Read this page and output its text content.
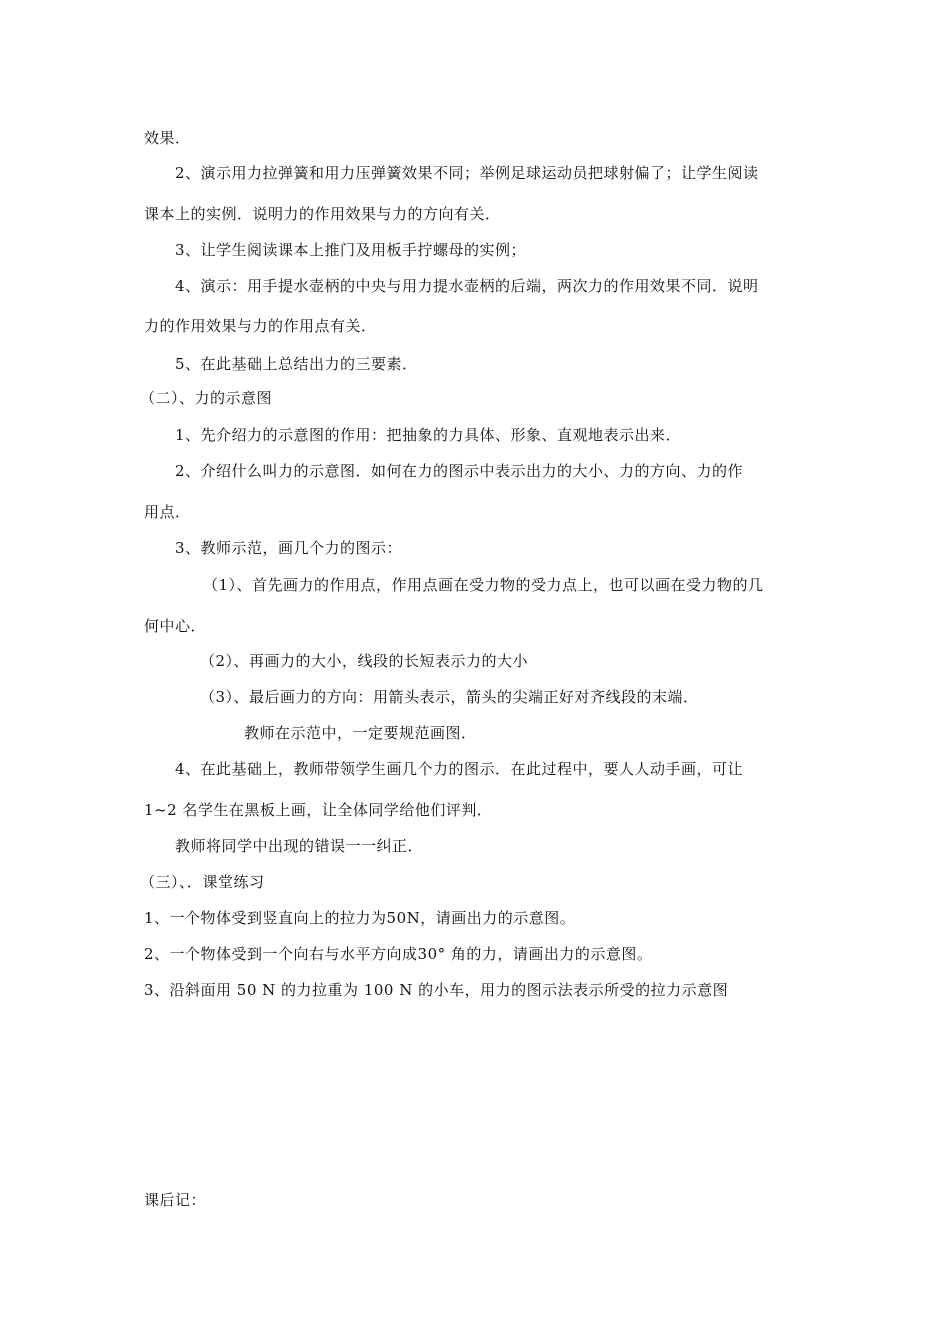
效果．
2、演示用力拉弹簧和用力压弹簧效果不同；举例足球运动员把球射偏了；让学生阅读
课本上的实例．说明力的作用效果与力的方向有关．
3、让学生阅读课本上推门及用板手拧螺母的实例；
4、演示：用手提水壶柄的中央与用力提水壶柄的后端，两次力的作用效果不同．说明
力的作用效果与力的作用点有关．
5、在此基础上总结出力的三要素．
（二）、力的示意图
1、先介绍力的示意图的作用：把抽象的力具体、形象、直观地表示出来．
2、介绍什么叫力的示意图．如何在力的图示中表示出力的大小、力的方向、力的作
用点．
3、教师示范，画几个力的图示：
（1）、首先画力的作用点，作用点画在受力物的受力点上，也可以画在受力物的几
何中心．
（2）、再画力的大小，线段的长短表示力的大小
（3）、最后画力的方向：用箭头表示，箭头的尖端正好对齐线段的末端．
教师在示范中，一定要规范画图．
4、在此基础上，教师带领学生画几个力的图示．在此过程中，要人人动手画，可让
1~2 名学生在黑板上画，让全体同学给他们评判．
教师将同学中出现的错误一一纠正．
（三）、．课堂练习
1、一个物体受到竖直向上的拉力为50N，请画出力的示意图。
2、一个物体受到一个向右与水平方向成30° 角的力，请画出力的示意图。
3、沿斜面用 50 N 的力拉重为 100 N 的小车，用力的图示法表示所受的拉力示意图
课后记：
